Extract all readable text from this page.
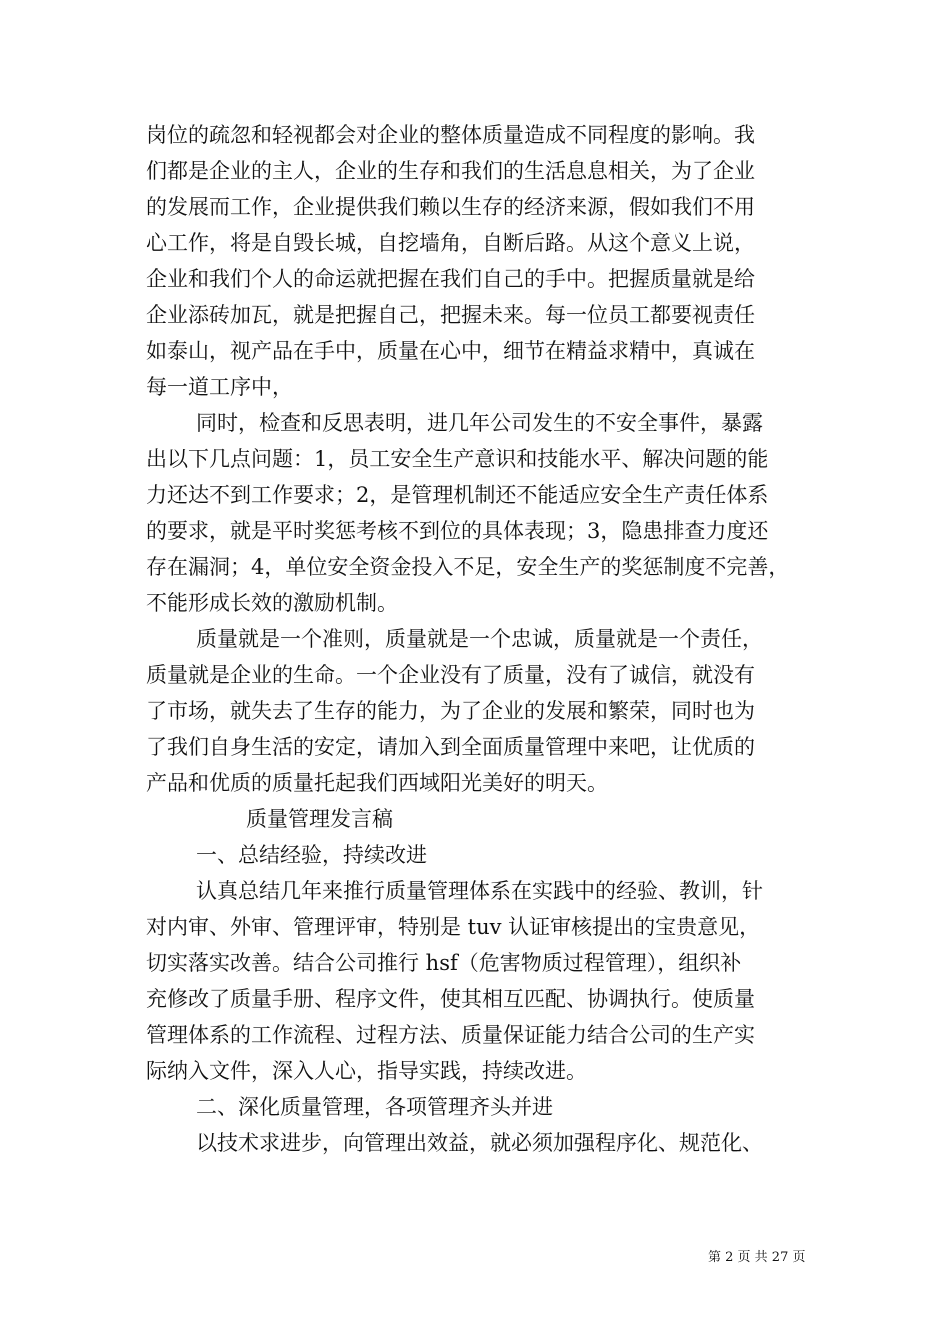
岗位的疏忽和轻视都会对企业的整体质量造成不同程度的影响。我
们都是企业的主人，企业的生存和我们的生活息息相关，为了企业
的发展而工作，企业提供我们赖以生存的经济来源，假如我们不用
心工作，将是自毁长城，自挖墙角，自断后路。从这个意义上说，
企业和我们个人的命运就把握在我们自己的手中。把握质量就是给
企业添砖加瓦，就是把握自己，把握未来。每一位员工都要视责任
如泰山，视产品在手中，质量在心中，细节在精益求精中，真诚在
每一道工序中，
同时，检查和反思表明，进几年公司发生的不安全事件，暴露
出以下几点问题：1，员工安全生产意识和技能水平、解决问题的能
力还达不到工作要求；2，是管理机制还不能适应安全生产责任体系
的要求，就是平时奖惩考核不到位的具体表现；3，隐患排查力度还
存在漏洞；4，单位安全资金投入不足，安全生产的奖惩制度不完善，
不能形成长效的激励机制。
质量就是一个准则，质量就是一个忠诚，质量就是一个责任，
质量就是企业的生命。一个企业没有了质量，没有了诚信，就没有
了市场，就失去了生存的能力，为了企业的发展和繁荣，同时也为
了我们自身生活的安定，请加入到全面质量管理中来吧，让优质的
产品和优质的质量托起我们西域阳光美好的明天。
质量管理发言稿
一、总结经验，持续改进
认真总结几年来推行质量管理体系在实践中的经验、教训，针
对内审、外审、管理评审，特别是 tuv 认证审核提出的宝贵意见，
切实落实改善。结合公司推行 hsf（危害物质过程管理），组织补
充修改了质量手册、程序文件，使其相互匹配、协调执行。使质量
管理体系的工作流程、过程方法、质量保证能力结合公司的生产实
际纳入文件，深入人心，指导实践，持续改进。
二、深化质量管理，各项管理齐头并进
以技术求进步，向管理出效益，就必须加强程序化、规范化、
第 2 页 共 27 页
